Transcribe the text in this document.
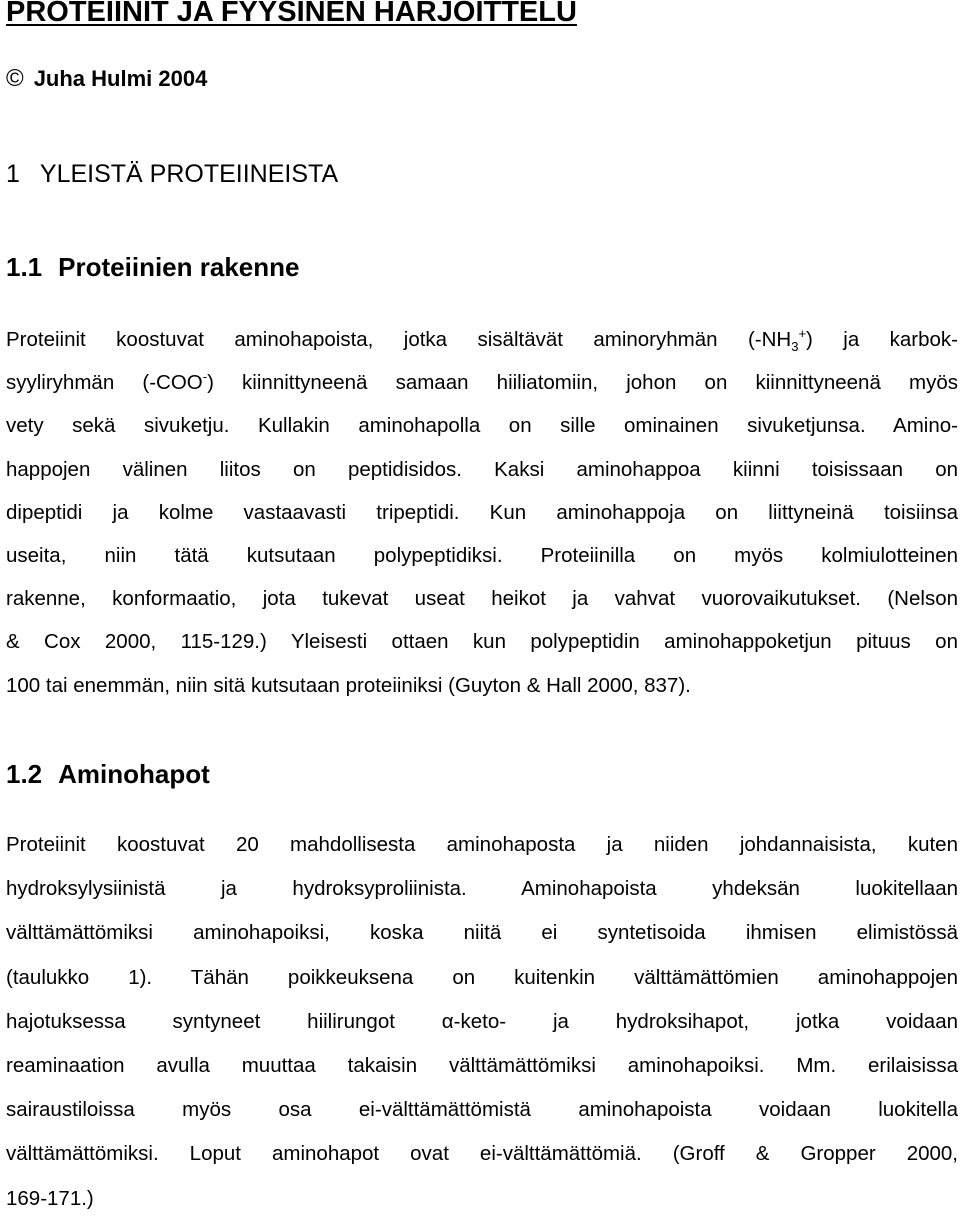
PROTEIINIT JA FYYSINEN HARJOITTELU
© Juha Hulmi 2004
1 YLEISTÄ PROTEIINEISTA
1.1 Proteiinien rakenne
Proteiinit koostuvat aminohapoista, jotka sisältävät aminoryhmän $(-NH_3^+)$ ja karbok-
syyliryhmän (-COO-) kiinnittyneenä samaan hiiliatomiin, johon on kiinnittyneenä myös
vety sekä sivuketju. Kullakin aminohapolla on sille ominainen sivuketjunsa. Amino-
happojen välinen liitos on peptidisidos. Kaksi aminohappoa kiinni toisissaan on
dipeptidi ja kolme vastaavasti tripeptidi. Kun aminohappoja on liittyneinä toisiinsa
useita, niin tätä kutsutaan polypeptidiksi. Proteiinilla on myös kolmiulotteinen
rakenne, konformaatio, jota tukevat useat heikot ja vahvat vuorovaikutukset. (Nelson
& Cox 2000, 115-129.) Yleisesti ottaen kun polypeptidin aminohappoketjun pituus on
100 tai enemmän, niin sitä kutsutaan proteiiniksi (Guyton & Hall 2000, 837).
1.2 Aminohapot
Proteiinit koostuvat 20 mahdollisesta aminohaposta ja niiden johdannaisista, kuten
hydroksylysiinistä ja hydroksyproliinista. Aminohapoista yhdeksän luokitellaan
välttämättömiksi aminohapoiksi, koska niitä ei syntetisoida ihmisen elimistössä
(taulukko 1). Tähän poikkeuksena on kuitenkin välttämättömien aminohappojen
hajotuksessa syntyneet hiilirungot α-keto- ja hydroksihapot, jotka voidaan
reaminaation avulla muuttaa takaisin välttämättömiksi aminohapoiksi. Mm. erilaisissa
sairaustiloissa myös osa ei-välttämättömistä aminohapoista voidaan luokitella
välttämättömiksi. Loput aminohapot ovat ei-välttämättömiä. (Groff & Gropper 2000,
169-171.)
